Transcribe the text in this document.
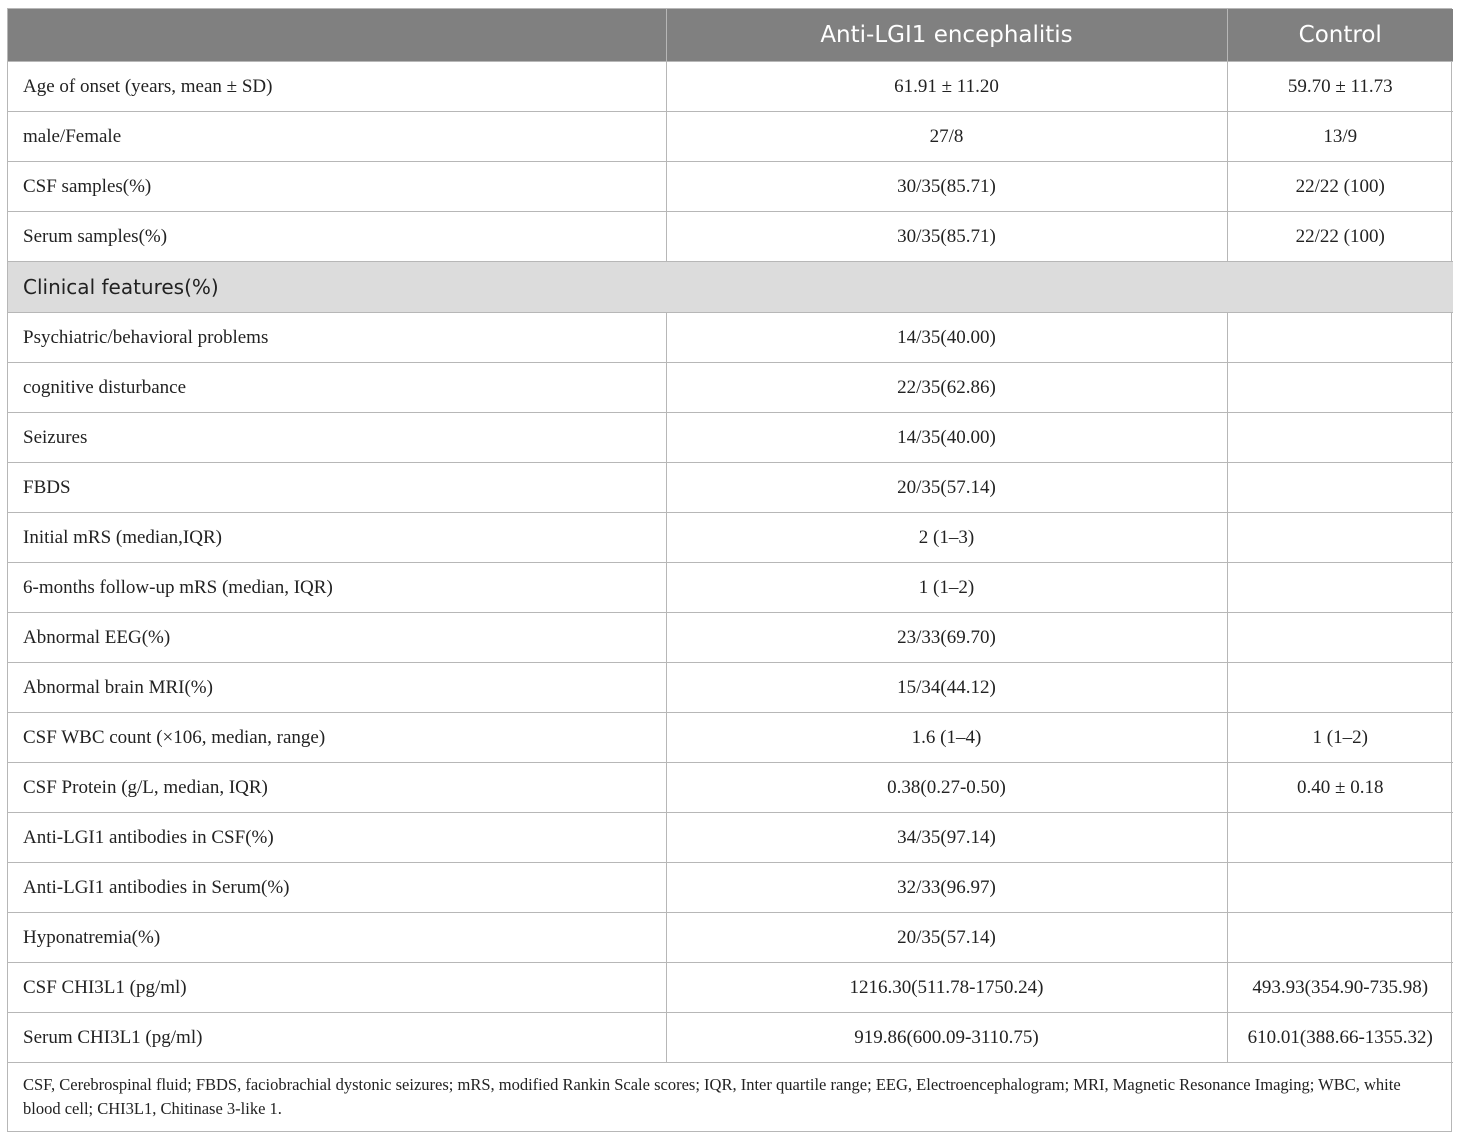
	Anti-LGI1 encephalitis	Control
Age of onset (years, mean ± SD)	61.91 ± 11.20	59.70 ± 11.73
male/Female	27/8	13/9
CSF samples(%)	30/35(85.71)	22/22 (100)
Serum samples(%)	30/35(85.71)	22/22 (100)
Clinical features(%)		
Psychiatric/behavioral problems	14/35(40.00)	
cognitive disturbance	22/35(62.86)	
Seizures	14/35(40.00)	
FBDS	20/35(57.14)	
Initial mRS (median,IQR)	2 (1–3)	
6-months follow-up mRS (median, IQR)	1 (1–2)	
Abnormal EEG(%)	23/33(69.70)	
Abnormal brain MRI(%)	15/34(44.12)	
CSF WBC count (×106, median, range)	1.6 (1–4)	1 (1–2)
CSF Protein (g/L, median, IQR)	0.38(0.27-0.50)	0.40 ± 0.18
Anti-LGI1 antibodies in CSF(%)	34/35(97.14)	
Anti-LGI1 antibodies in Serum(%)	32/33(96.97)	
Hyponatremia(%)	20/35(57.14)	
CSF CHI3L1 (pg/ml)	1216.30(511.78-1750.24)	493.93(354.90-735.98)
Serum CHI3L1 (pg/ml)	919.86(600.09-3110.75)	610.01(388.66-1355.32)
CSF, Cerebrospinal fluid; FBDS, faciobrachial dystonic seizures; mRS, modified Rankin Scale scores; IQR, Inter quartile range; EEG, Electroencephalogram; MRI, Magnetic Resonance Imaging; WBC, white blood cell; CHI3L1, Chitinase 3-like 1.		
